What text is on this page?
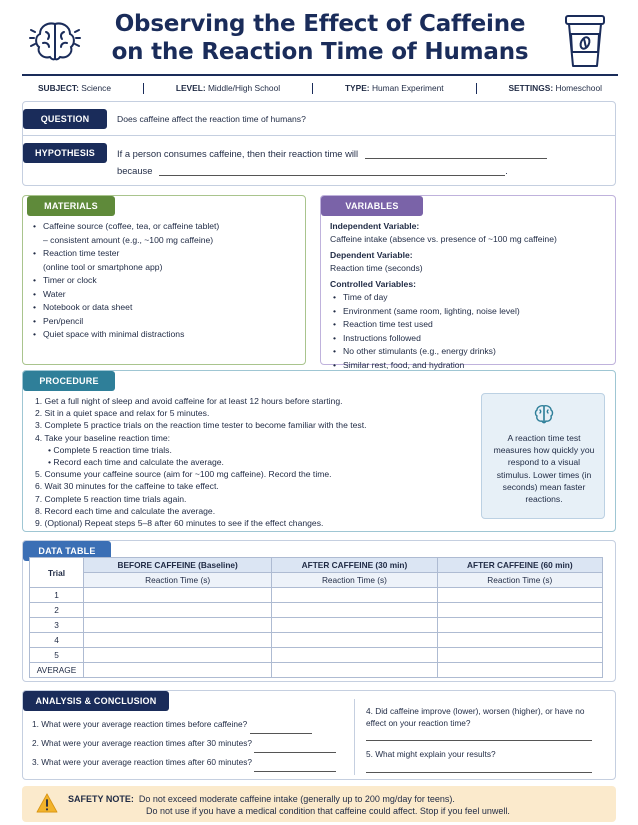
Observing the Effect of Caffeine
on the Reaction Time of Humans
SUBJECT: Science	LEVEL: Middle/High School	TYPE: Human Experiment	SETTINGS: Homeschool
QUESTION	Does caffeine affect the reaction time of humans?
HYPOTHESIS	If a person consumes caffeine, then their reaction time will
because	.
MATERIALS
• Caffeine source (coffee, tea, or caffeine tablet)
– consistent amount (e.g., ~100 mg caffeine)
• Reaction time tester
(online tool or smartphone app)
• Timer or clock
• Water
• Notebook or data sheet
• Pen/pencil
• Quiet space with minimal distractions
VARIABLES
Independent Variable:
Caffeine intake (absence vs. presence of ~100 mg caffeine)
Dependent Variable:
Reaction time (seconds)
Controlled Variables:
• Time of day
• Environment (same room, lighting, noise level)
• Reaction time test used
• Instructions followed
• No other stimulants (e.g., energy drinks)
• Similar rest, food, and hydration
PROCEDURE
1. Get a full night of sleep and avoid caffeine for at least 12 hours before starting.
2. Sit in a quiet space and relax for 5 minutes.
3. Complete 5 practice trials on the reaction time tester to become familiar with the test.
4. Take your baseline reaction time:
• Complete 5 reaction time trials.
• Record each time and calculate the average.
5. Consume your caffeine source (aim for ~100 mg caffeine). Record the time.
6. Wait 30 minutes for the caffeine to take effect.
7. Complete 5 reaction time trials again.
8. Record each time and calculate the average.
9. (Optional) Repeat steps 5–8 after 60 minutes to see if the effect changes.
A reaction time test measures how quickly you respond to a visual stimulus. Lower times (in seconds) mean faster reactions.
DATA TABLE
Trial	BEFORE CAFFEINE (Baseline)	AFTER CAFFEINE (30 min)	AFTER CAFFEINE (60 min)
	Reaction Time (s)	Reaction Time (s)	Reaction Time (s)
1			
2			
3			
4			
5			
AVERAGE			
ANALYSIS & CONCLUSION
1. What were your average reaction times before caffeine?
2. What were your average reaction times after 30 minutes?
3. What were your average reaction times after 60 minutes?
4. Did caffeine improve (lower), worsen (higher), or have no effect on your reaction time?
5. What might explain your results?
SAFETY NOTE: Do not exceed moderate caffeine intake (generally up to 200 mg/day for teens).
Do not use if you have a medical condition that caffeine could affect. Stop if you feel unwell.
